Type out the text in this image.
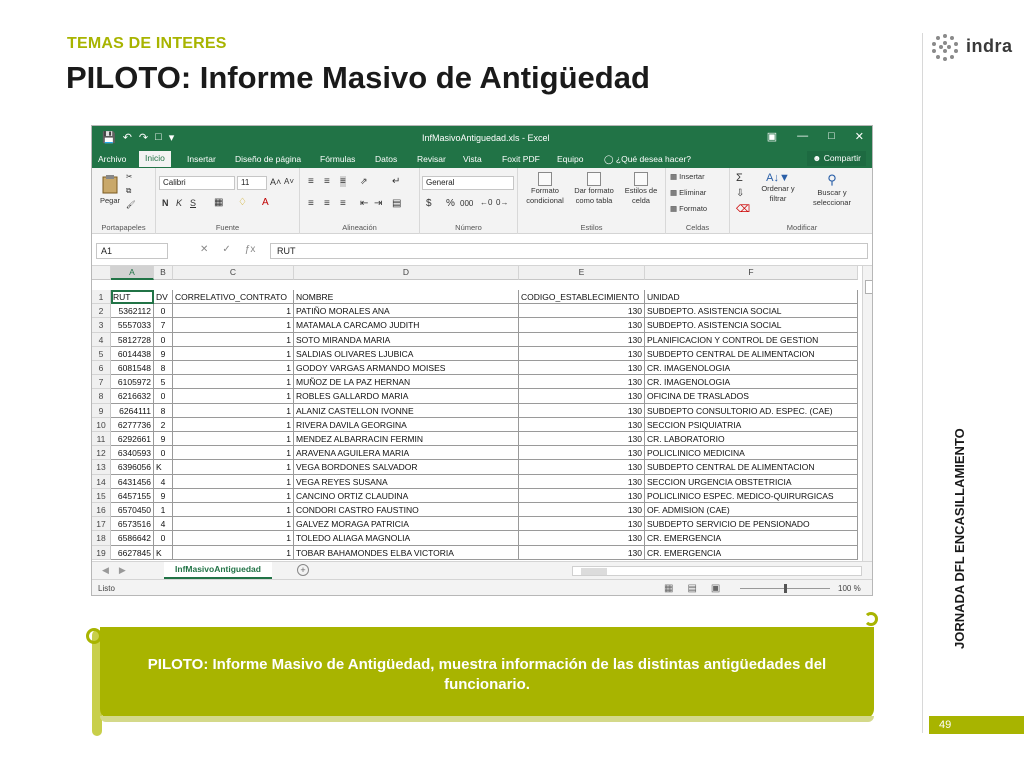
TEMAS DE INTERES
PILOTO: Informe Masivo de Antigüedad
indra
JORNADA DFL ENCASILLAMIENTO
49
💾 ↶ ↷ □ ▾	InfMasivoAntiguedad.xls - Excel	▣ — □ ✕
Archivo	Inicio	Insertar Diseño de página Fórmulas Datos Revisar Vista Foxit PDF Equipo ◯ ¿Qué desea hacer?	☻ Compartir
Pegar
✂
⧉
🖌
Portapapeles
Calibri	11	A˄ A˅
N K S ▦ ♢ A
Fuente
≡ ≡ ≡ ⇗ ↵
≡ ≡ ≡ ⇤ ⇥ ▤
Alineación
General
$ % 000 ←0 0→
Número
Formato condicional
Dar formato como tabla
Estilos de celda
Estilos
▦ Insertar
▦ Eliminar
▦ Formato
Celdas
Σ
⇩
⌫
A↓▼
Ordenar y filtrar
⚲
Buscar y seleccionar
Modificar
A1	✕ ✓ ƒx	RUT
A	B	C	D	E	F
1	RUT	DV CORRELATIVO_CONTRATO	NOMBRE	CODIGO_ESTABLECIMIENTO UNIDAD
2	5362112	0	1 PATIÑO MORALES ANA	130 SUBDEPTO. ASISTENCIA SOCIAL
3	5557033	7	1 MATAMALA CARCAMO JUDITH	130 SUBDEPTO. ASISTENCIA SOCIAL
4	5812728	0	1 SOTO MIRANDA MARIA	130 PLANIFICACION Y CONTROL DE GESTION
5	6014438	9	1 SALDIAS OLIVARES LJUBICA	130 SUBDEPTO CENTRAL DE ALIMENTACION
6	6081548	8	1 GODOY VARGAS ARMANDO MOISES	130 CR. IMAGENOLOGIA
7	6105972	5	1 MUÑOZ DE LA PAZ HERNAN	130 CR. IMAGENOLOGIA
8	6216632	0	1 ROBLES GALLARDO MARIA	130 OFICINA DE TRASLADOS
9	6264111	8	1 ALANIZ CASTELLON IVONNE	130 SUBDEPTO CONSULTORIO AD. ESPEC. (CAE)
10	6277736	2	1 RIVERA DAVILA GEORGINA	130 SECCION PSIQUIATRIA
11	6292661	9	1 MENDEZ ALBARRACIN FERMIN	130 CR. LABORATORIO
12	6340593	0	1 ARAVENA AGUILERA MARIA	130 POLICLINICO MEDICINA
13	6396056 K	1 VEGA BORDONES SALVADOR	130 SUBDEPTO CENTRAL DE ALIMENTACION
14	6431456	4	1 VEGA REYES SUSANA	130 SECCION URGENCIA OBSTETRICIA
15	6457155	9	1 CANCINO ORTIZ CLAUDINA	130 POLICLINICO ESPEC. MEDICO-QUIRURGICAS
16	6570450	1	1 CONDORI CASTRO FAUSTINO	130 OF. ADMISION (CAE)
17	6573516	4	1 GALVEZ MORAGA PATRICIA	130 SUBDEPTO SERVICIO DE PENSIONADO
18	6586642	0	1 TOLEDO ALIAGA MAGNOLIA	130 CR. EMERGENCIA
19	6627845 K	1 TOBAR BAHAMONDES ELBA VICTORIA	130 CR. EMERGENCIA
◀ ▶	InfMasivoAntiguedad	+
Listo	▦ ▤ ▣	100 %
PILOTO: Informe Masivo de Antigüedad, muestra información de las distintas antigüedades del funcionario.
